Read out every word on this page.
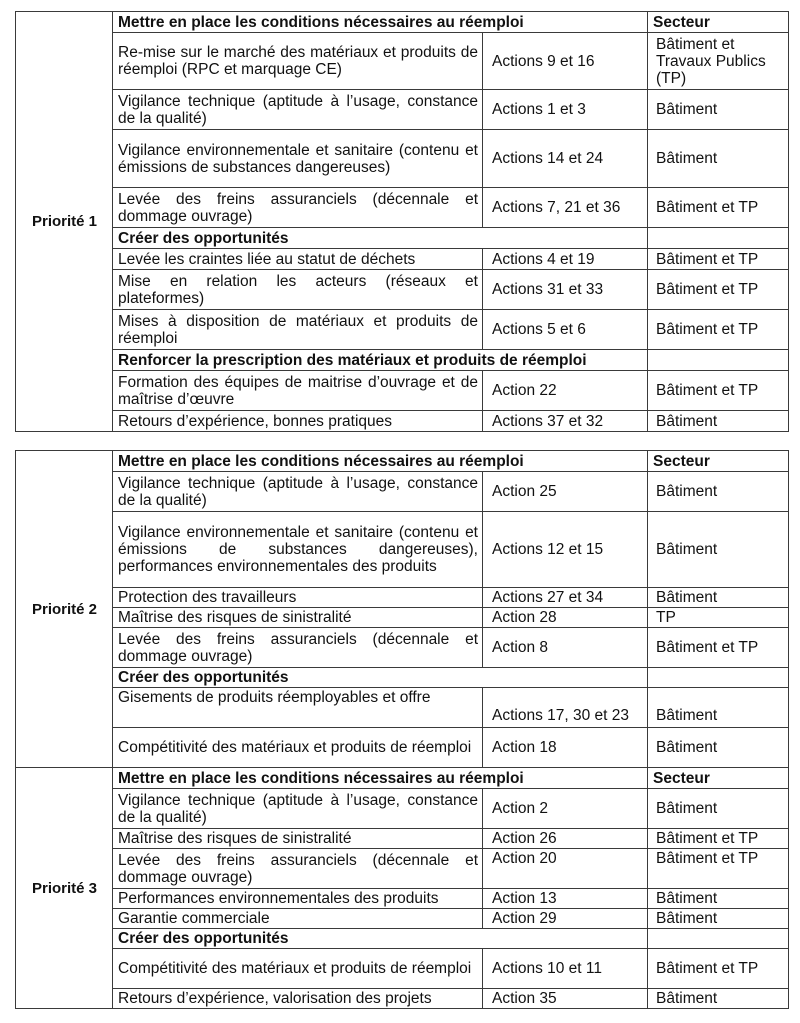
Priorité 1	Mettre en place les conditions nécessaires au réemploi		Secteur
	Re-mise sur le marché des matériaux et produits de réemploi (RPC et marquage CE)	Actions 9 et 16	Bâtiment et Travaux Publics (TP)
	Vigilance technique (aptitude à l’usage, constance de la qualité)	Actions 1 et 3	Bâtiment
	Vigilance environnementale et sanitaire (contenu et émissions de substances dangereuses)	Actions 14 et 24	Bâtiment
	Levée des freins assuranciels (décennale et dommage ouvrage)	Actions 7, 21 et 36	Bâtiment et TP
	Créer des opportunités		
	Levée les craintes liée au statut de déchets	Actions 4 et 19	Bâtiment et TP
	Mise en relation les acteurs (réseaux et plateformes)	Actions 31 et 33	Bâtiment et TP
	Mises à disposition de matériaux et produits de réemploi	Actions 5 et 6	Bâtiment et TP
	Renforcer la prescription des matériaux et produits de réemploi		
	Formation des équipes de maitrise d’ouvrage et de maîtrise d’œuvre	Action 22	Bâtiment et TP
	Retours d’expérience, bonnes pratiques	Actions 37 et 32	Bâtiment
Priorité 2	Mettre en place les conditions nécessaires au réemploi		Secteur
	Vigilance technique (aptitude à l’usage, constance de la qualité)	Action 25	Bâtiment
	Vigilance environnementale et sanitaire (contenu et émissions de substances dangereuses), performances environnementales des produits	Actions 12 et 15	Bâtiment
	Protection des travailleurs	Actions 27 et 34	Bâtiment
	Maîtrise des risques de sinistralité	Action 28	TP
	Levée des freins assuranciels (décennale et dommage ouvrage)	Action 8	Bâtiment et TP
	Créer des opportunités		
	Gisements de produits réemployables et offre	Actions 17, 30 et 23	Bâtiment
	Compétitivité des matériaux et produits de réemploi	Action 18	Bâtiment
Priorité 3	Mettre en place les conditions nécessaires au réemploi		Secteur
	Vigilance technique (aptitude à l’usage, constance de la qualité)	Action 2	Bâtiment
	Maîtrise des risques de sinistralité	Action 26	Bâtiment et TP
	Levée des freins assuranciels (décennale et dommage ouvrage)	Action 20	Bâtiment et TP
	Performances environnementales des produits	Action 13	Bâtiment
	Garantie commerciale	Action 29	Bâtiment
	Créer des opportunités		
	Compétitivité des matériaux et produits de réemploi	Actions 10 et 11	Bâtiment et TP
	Retours d’expérience, valorisation des projets	Action 35	Bâtiment
